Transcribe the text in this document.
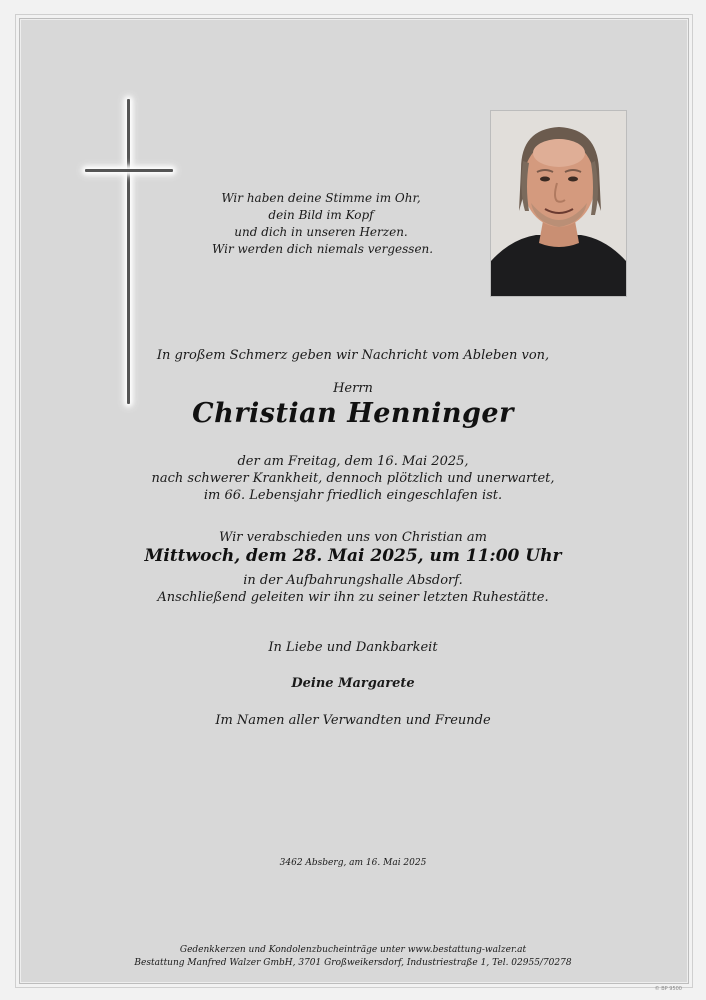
Wir haben deine Stimme im Ohr,
dein Bild im Kopf
und dich in unseren Herzen.
Wir werden dich niemals vergessen.
In großem Schmerz geben wir Nachricht vom Ableben von,
Herrn
Christian Henninger
der am Freitag, dem 16. Mai 2025,
nach schwerer Krankheit, dennoch plötzlich und unerwartet,
im 66. Lebensjahr friedlich eingeschlafen ist.
Wir verabschieden uns von Christian am
Mittwoch, dem 28. Mai 2025, um 11:00 Uhr
in der Aufbahrungshalle Absdorf.
Anschließend geleiten wir ihn zu seiner letzten Ruhestätte.
In Liebe und Dankbarkeit
Deine Margarete
Im Namen aller Verwandten und Freunde
3462 Absberg, am 16. Mai 2025
Gedenkkerzen und Kondolenzbucheinträge unter www.bestattung-walzer.at
Bestattung Manfred Walzer GmbH, 3701 Großweikersdorf, Industriestraße 1, Tel. 02955/70278
© BP 9500
